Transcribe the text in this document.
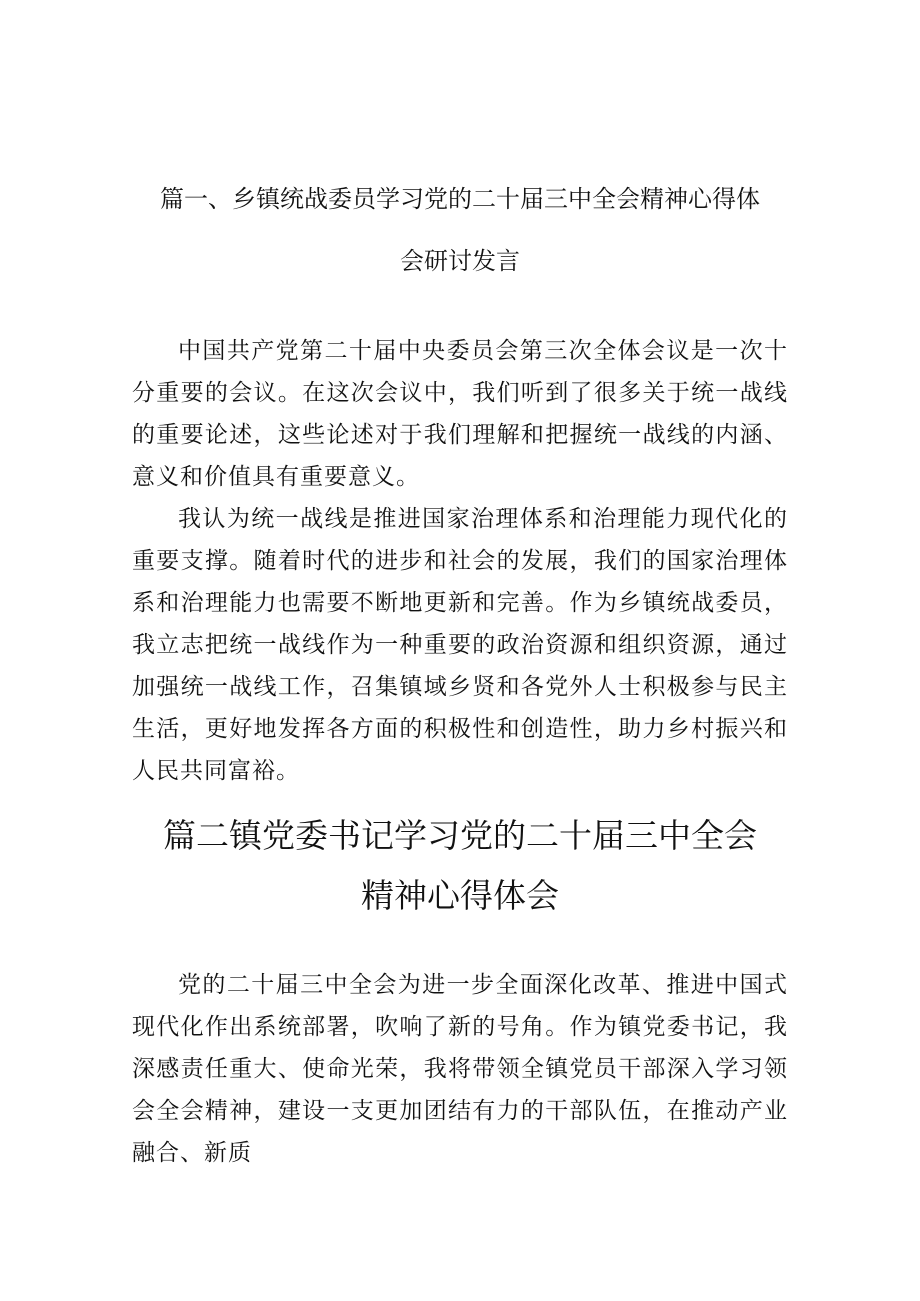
篇一、乡镇统战委员学习党的二十届三中全会精神心得体
会研讨发言

中国共产党第二十届中央委员会第三次全体会议是一次十分重要的会议。在这次会议中，我们听到了很多关于统一战线的重要论述，这些论述对于我们理解和把握统一战线的内涵、意义和价值具有重要意义。

我认为统一战线是推进国家治理体系和治理能力现代化的重要支撑。随着时代的进步和社会的发展，我们的国家治理体系和治理能力也需要不断地更新和完善。作为乡镇统战委员，我立志把统一战线作为一种重要的政治资源和组织资源，通过加强统一战线工作，召集镇域乡贤和各党外人士积极参与民主生活，更好地发挥各方面的积极性和创造性，助力乡村振兴和人民共同富裕。

篇二镇党委书记学习党的二十届三中全会
精神心得体会

党的二十届三中全会为进一步全面深化改革、推进中国式现代化作出系统部署，吹响了新的号角。作为镇党委书记，我深感责任重大、使命光荣，我将带领全镇党员干部深入学习领会全会精神，建设一支更加团结有力的干部队伍，在推动产业融合、新质
